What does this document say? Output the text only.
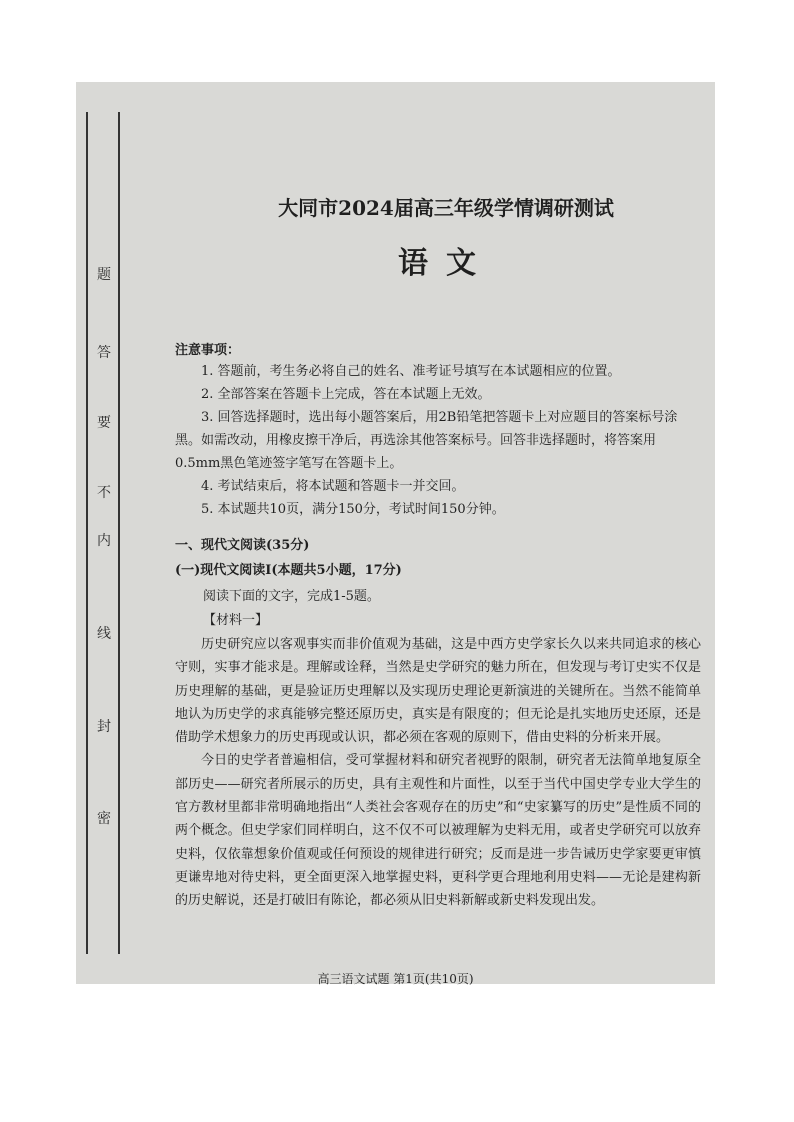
密
封
线
内
不
要
答
题
大同市2024届高三年级学情调研测试
语文
注意事项：

1. 答题前，考生务必将自己的姓名、准考证号填写在本试题相应的位置。

2. 全部答案在答题卡上完成，答在本试题上无效。

3. 回答选择题时，选出每小题答案后，用2B铅笔把答题卡上对应题目的答案标号涂黑。如需改动，用橡皮擦干净后，再选涂其他答案标号。回答非选择题时，将答案用0.5mm黑色笔迹签字笔写在答题卡上。

4. 考试结束后，将本试题和答题卡一并交回。

5. 本试题共10页，满分150分，考试时间150分钟。

一、现代文阅读(35分)
(一)现代文阅读Ⅰ(本题共5小题，17分)
阅读下面的文字，完成1-5题。
【材料一】

历史研究应以客观事实而非价值观为基础，这是中西方史学家长久以来共同追求的核心守则，实事才能求是。理解或诠释，当然是史学研究的魅力所在，但发现与考订史实不仅是历史理解的基础，更是验证历史理解以及实现历史理论更新演进的关键所在。当然不能简单地认为历史学的求真能够完整还原历史，真实是有限度的；但无论是扎实地历史还原，还是借助学术想象力的历史再现或认识，都必须在客观的原则下，借由史料的分析来开展。

今日的史学者普遍相信，受可掌握材料和研究者视野的限制，研究者无法简单地复原全部历史——研究者所展示的历史，具有主观性和片面性，以至于当代中国史学专业大学生的官方教材里都非常明确地指出“人类社会客观存在的历史”和“史家纂写的历史”是性质不同的两个概念。但史学家们同样明白，这不仅不可以被理解为史料无用，或者史学研究可以放弃史料，仅依靠想象价值观或任何预设的规律进行研究；反而是进一步告诫历史学家要更审慎更谦卑地对待史料，更全面更深入地掌握史料，更科学更合理地利用史料——无论是建构新的历史解说，还是打破旧有陈论，都必须从旧史料新解或新史料发现出发。

高三语文试题 第1页(共10页)
